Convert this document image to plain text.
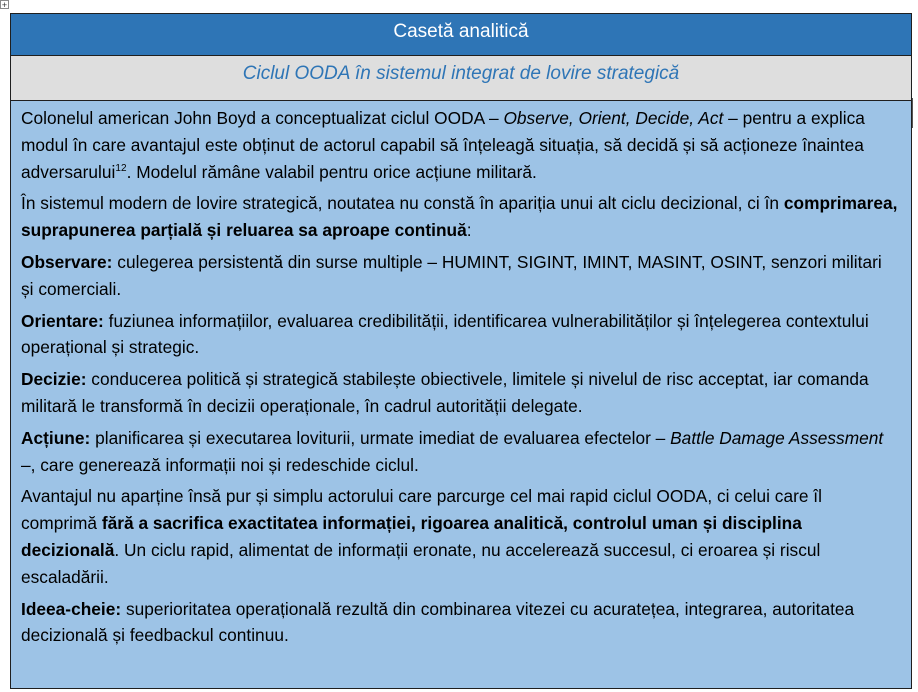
+
Casetă analitică
Ciclul OODA în sistemul integrat de lovire strategică

Colonelul american John Boyd a conceptualizat ciclul OODA – Observe, Orient, Decide, Act – pentru a explica modul în care avantajul este obținut de actorul capabil să înțeleagă situația, să decidă și să acționeze înaintea adversarului$^{12}$. Modelul rămâne valabil pentru orice acțiune militară.

În sistemul modern de lovire strategică, noutatea nu constă în apariția unui alt ciclu decizional, ci în comprimarea, suprapunerea parțială și reluarea sa aproape continuă:

Observare: culegerea persistentă din surse multiple – HUMINT, SIGINT, IMINT, MASINT, OSINT, senzori militari și comerciali.

Orientare: fuziunea informațiilor, evaluarea credibilității, identificarea vulnerabilităților și înțelegerea contextului operațional și strategic.

Decizie: conducerea politică și strategică stabilește obiectivele, limitele și nivelul de risc acceptat, iar comanda militară le transformă în decizii operaționale, în cadrul autorității delegate.

Acțiune: planificarea și executarea loviturii, urmate imediat de evaluarea efectelor – Battle Damage Assessment –, care generează informații noi și redeschide ciclul.

Avantajul nu aparține însă pur și simplu actorului care parcurge cel mai rapid ciclul OODA, ci celui care îl comprimă fără a sacrifica exactitatea informației, rigoarea analitică, controlul uman și disciplina decizională. Un ciclu rapid, alimentat de informații eronate, nu accelerează succesul, ci eroarea și riscul escaladării.

Ideea-cheie: superioritatea operațională rezultă din combinarea vitezei cu acuratețea, integrarea, autoritatea decizională și feedbackul continuu.
